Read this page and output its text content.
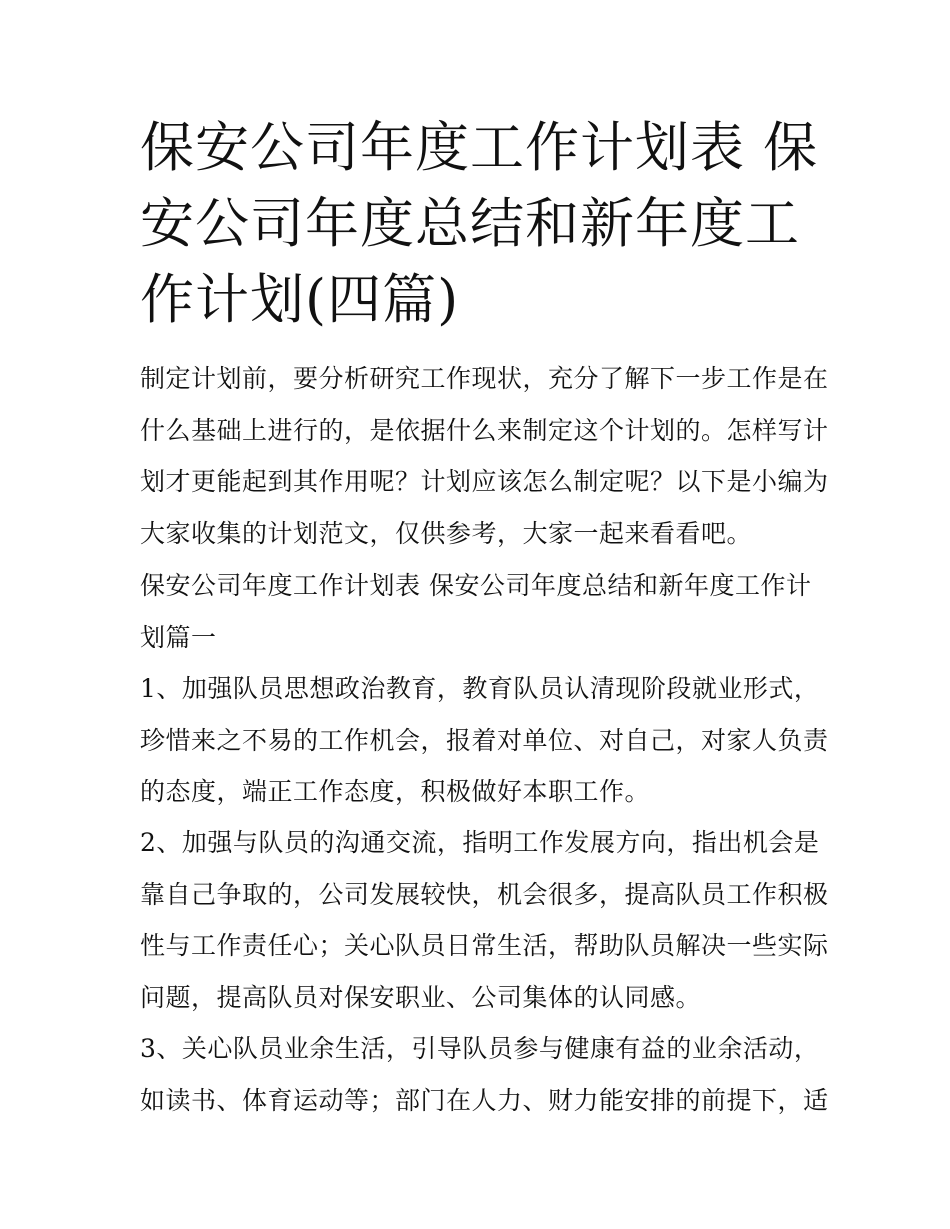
保安公司年度工作计划表 保安公司年度总结和新年度工作计划(四篇)

制定计划前，要分析研究工作现状，充分了解下一步工作是在什么基础上进行的，是依据什么来制定这个计划的。怎样写计划才更能起到其作用呢？计划应该怎么制定呢？以下是小编为大家收集的计划范文，仅供参考，大家一起来看看吧。

保安公司年度工作计划表 保安公司年度总结和新年度工作计划篇一

1、加强队员思想政治教育，教育队员认清现阶段就业形式，珍惜来之不易的工作机会，报着对单位、对自己，对家人负责的态度，端正工作态度，积极做好本职工作。

2、加强与队员的沟通交流，指明工作发展方向，指出机会是靠自己争取的，公司发展较快，机会很多，提高队员工作积极性与工作责任心；关心队员日常生活，帮助队员解决一些实际问题，提高队员对保安职业、公司集体的认同感。

3、关心队员业余生活，引导队员参与健康有益的业余活动，如读书、体育运动等；部门在人力、财力能安排的前提下，适
